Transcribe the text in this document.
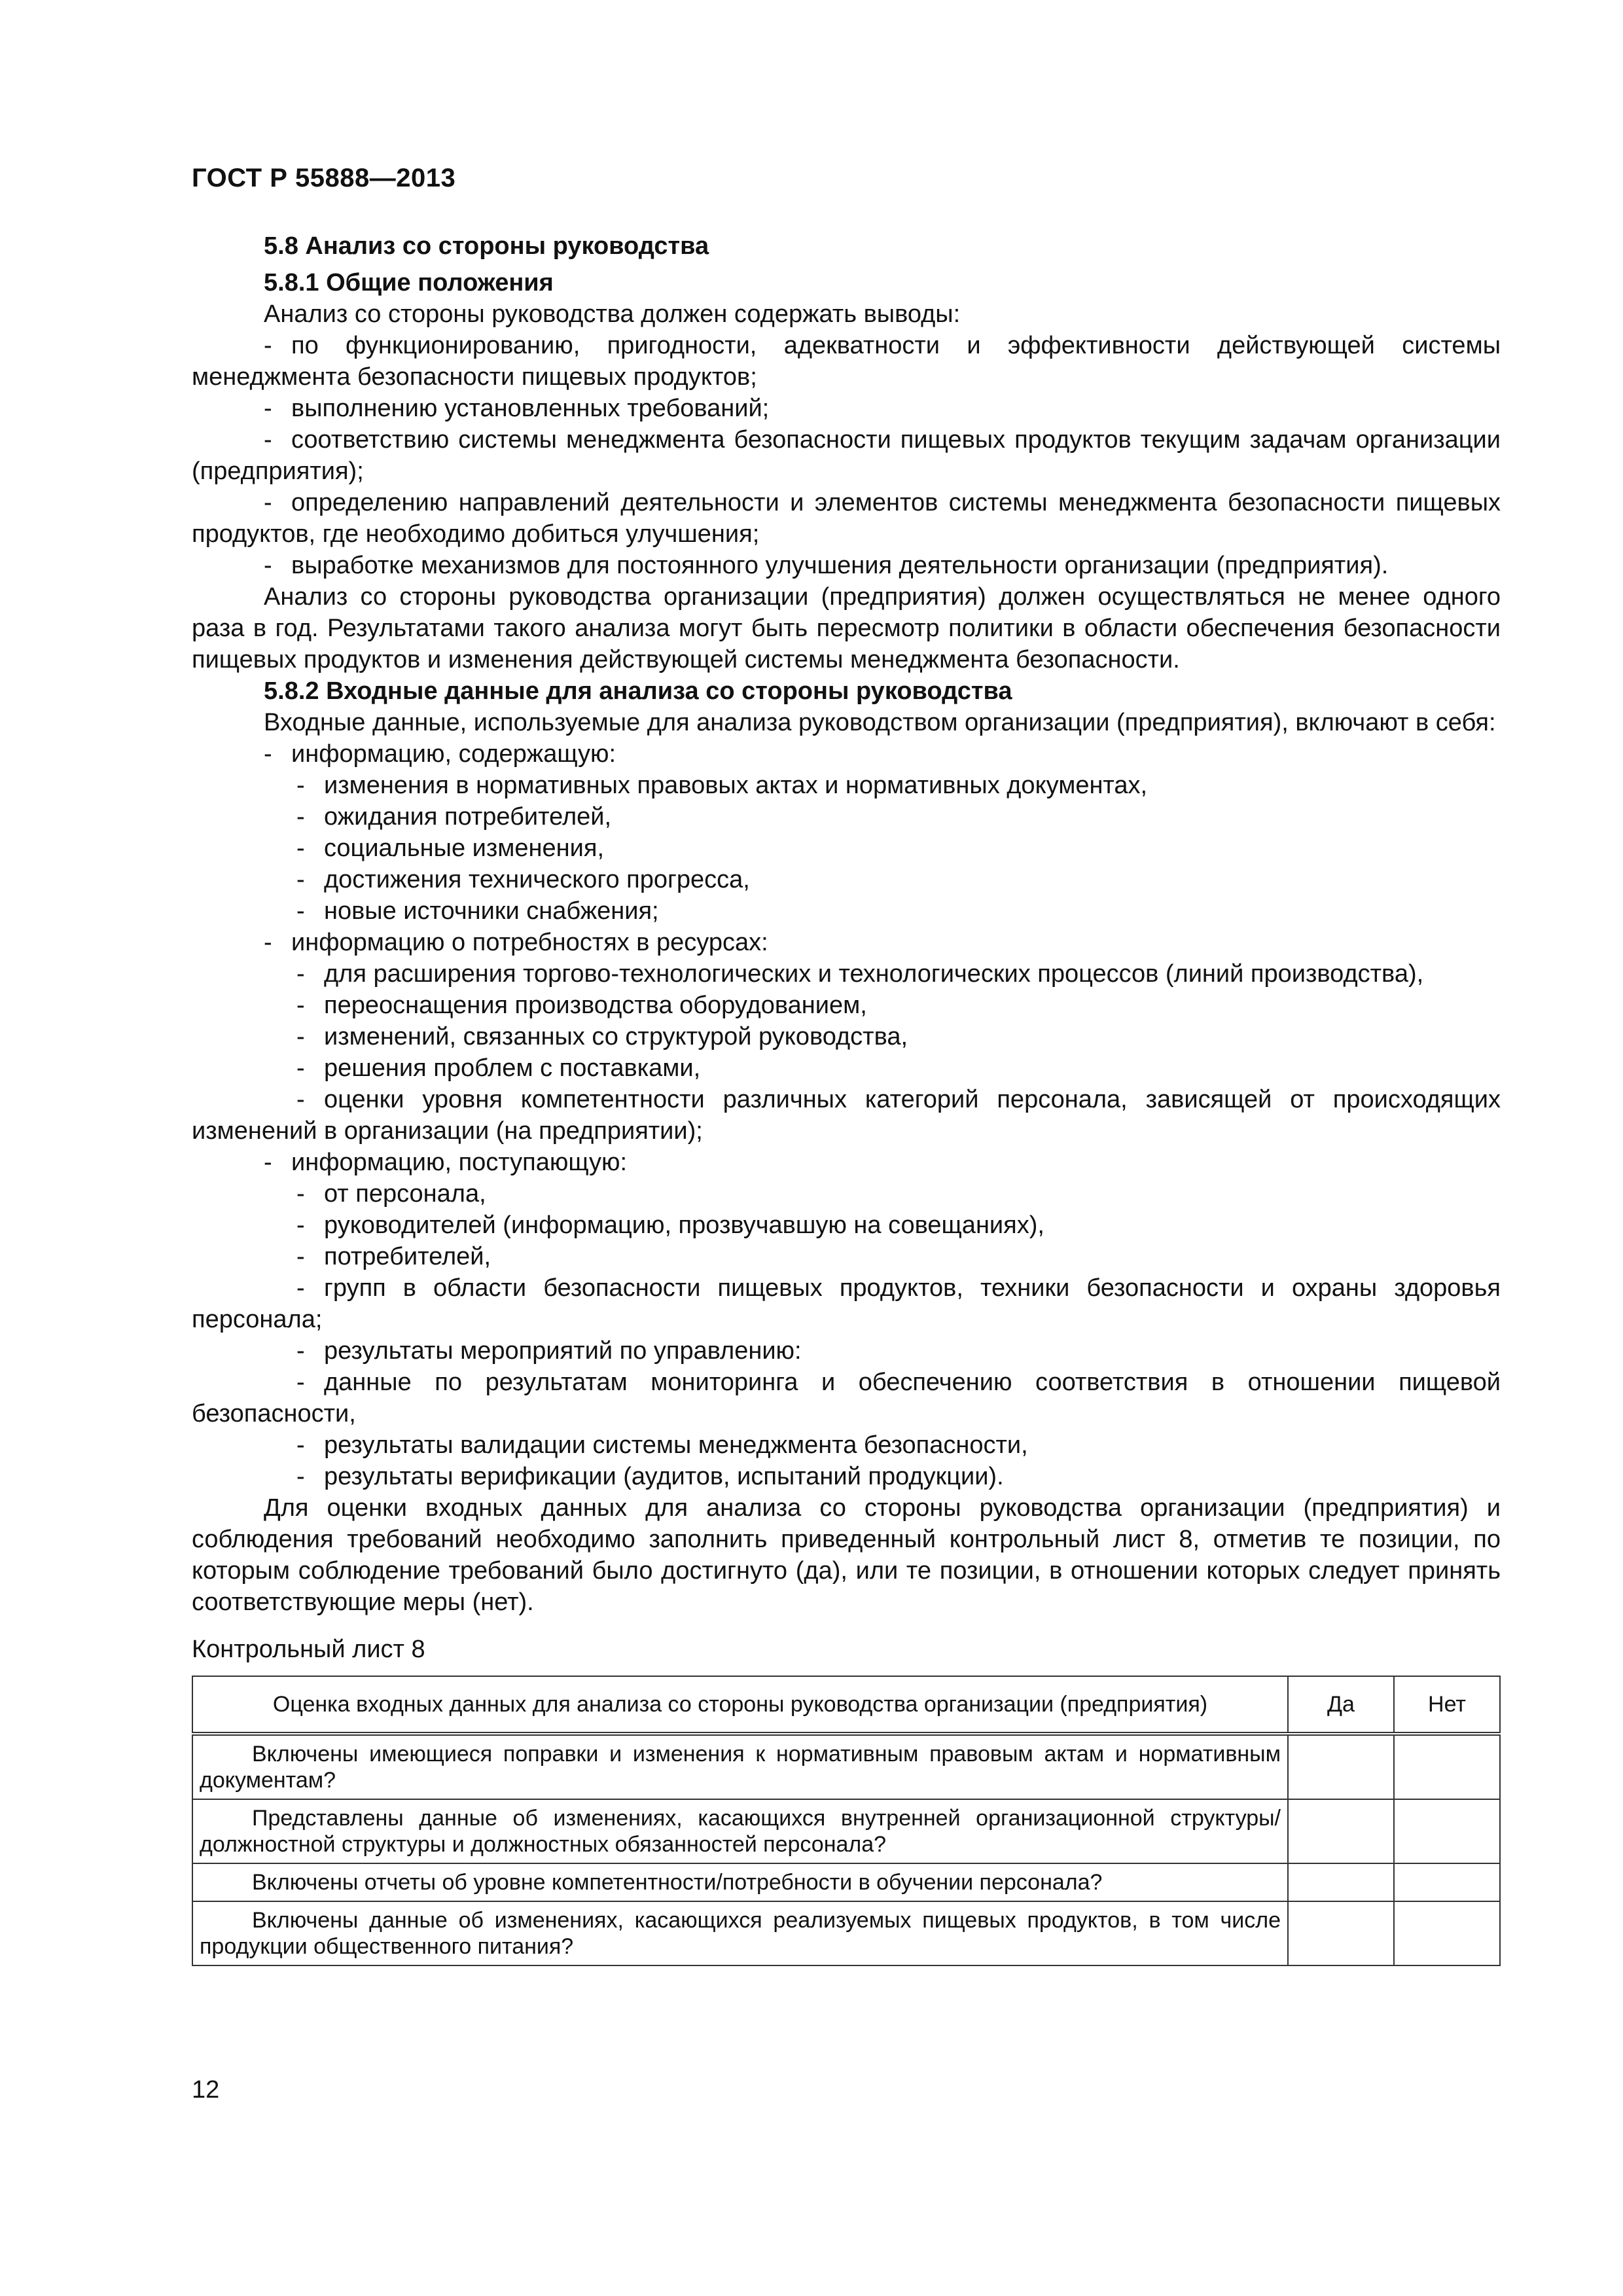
ГОСТ Р 55888—2013

5.8 Анализ со стороны руководства

5.8.1 Общие положения

Анализ со стороны руководства должен содержать выводы:

- по функционированию, пригодности, адекватности и эффективности действующей системы менеджмента безопасности пищевых продуктов;

- выполнению установленных требований;

- соответствию системы менеджмента безопасности пищевых продуктов текущим задачам организации (предприятия);

- определению направлений деятельности и элементов системы менеджмента безопасности пищевых продуктов, где необходимо добиться улучшения;

- выработке механизмов для постоянного улучшения деятельности организации (предприятия).

Анализ со стороны руководства организации (предприятия) должен осуществляться не менее одного раза в год. Результатами такого анализа могут быть пересмотр политики в области обеспечения безопасности пищевых продуктов и изменения действующей системы менеджмента безопасности.

5.8.2 Входные данные для анализа со стороны руководства

Входные данные, используемые для анализа руководством организации (предприятия), включают в себя:

- информацию, содержащую:

- изменения в нормативных правовых актах и нормативных документах,

- ожидания потребителей,

- социальные изменения,

- достижения технического прогресса,

- новые источники снабжения;

- информацию о потребностях в ресурсах:

- для расширения торгово-технологических и технологических процессов (линий производства),

- переоснащения производства оборудованием,

- изменений, связанных со структурой руководства,

- решения проблем с поставками,

- оценки уровня компетентности различных категорий персонала, зависящей от происходящих изменений в организации (на предприятии);

- информацию, поступающую:

- от персонала,

- руководителей (информацию, прозвучавшую на совещаниях),

- потребителей,

- групп в области безопасности пищевых продуктов, техники безопасности и охраны здоровья персонала;

- результаты мероприятий по управлению:

- данные по результатам мониторинга и обеспечению соответствия в отношении пищевой безопасности,

- результаты валидации системы менеджмента безопасности,

- результаты верификации (аудитов, испытаний продукции).

Для оценки входных данных для анализа со стороны руководства организации (предприятия) и соблюдения требований необходимо заполнить приведенный контрольный лист 8, отметив те позиции, по которым соблюдение требований было достигнуто (да), или те позиции, в отношении которых следует принять соответствующие меры (нет).

Контрольный лист 8

Оценка входных данных для анализа со стороны руководства организации (предприятия)	Да	Нет

Включены имеющиеся поправки и изменения к нормативным правовым актам и нормативным документам?		

Представлены данные об изменениях, касающихся внутренней организационной структуры/должностной структуры и должностных обязанностей персонала?		

Включены отчеты об уровне компетентности/потребности в обучении персонала?		

Включены данные об изменениях, касающихся реализуемых пищевых продуктов, в том числе продукции общественного питания?		

12
